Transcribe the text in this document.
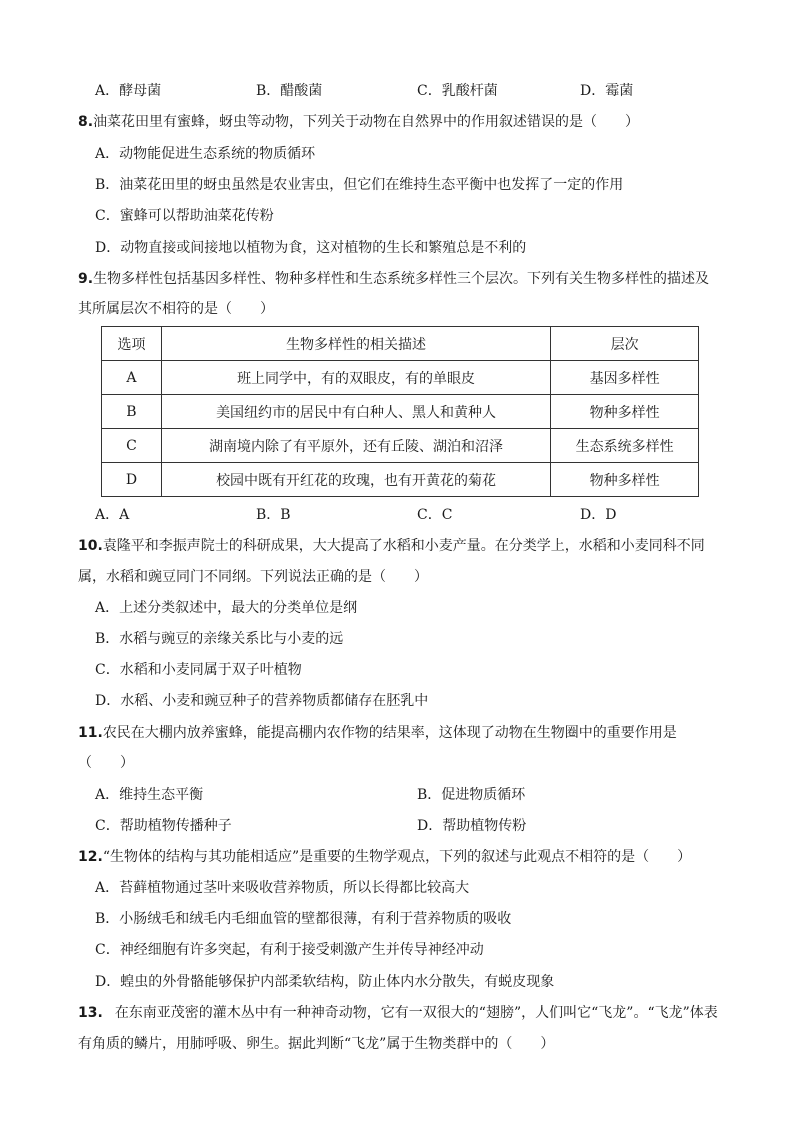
A．酵母菌	B．醋酸菌	C．乳酸杆菌	D．霉菌
8.油菜花田里有蜜蜂，蚜虫等动物，下列关于动物在自然界中的作用叙述错误的是（　　）
A．动物能促进生态系统的物质循环
B．油菜花田里的蚜虫虽然是农业害虫，但它们在维持生态平衡中也发挥了一定的作用
C．蜜蜂可以帮助油菜花传粉
D．动物直接或间接地以植物为食，这对植物的生长和繁殖总是不利的
9.生物多样性包括基因多样性、物种多样性和生态系统多样性三个层次。下列有关生物多样性的描述及
其所属层次不相符的是（　　）
选项	生物多样性的相关描述	层次
A	班上同学中，有的双眼皮，有的单眼皮	基因多样性
B	美国纽约市的居民中有白种人、黑人和黄种人	物种多样性
C	湖南境内除了有平原外，还有丘陵、湖泊和沼泽	生态系统多样性
D	校园中既有开红花的玫瑰，也有开黄花的菊花	物种多样性
A．A	B．B	C．C	D．D
10.袁隆平和李振声院士的科研成果，大大提高了水稻和小麦产量。在分类学上，水稻和小麦同科不同
属，水稻和豌豆同门不同纲。下列说法正确的是（　　）
A．上述分类叙述中，最大的分类单位是纲
B．水稻与豌豆的亲缘关系比与小麦的远
C．水稻和小麦同属于双子叶植物
D．水稻、小麦和豌豆种子的营养物质都储存在胚乳中
11.农民在大棚内放养蜜蜂，能提高棚内农作物的结果率，这体现了动物在生物圈中的重要作用是
（　　）
A．维持生态平衡	B．促进物质循环
C．帮助植物传播种子	D．帮助植物传粉
12.“生物体的结构与其功能相适应”是重要的生物学观点，下列的叙述与此观点不相符的是（　　）
A．苔藓植物通过茎叶来吸收营养物质，所以长得都比较高大
B．小肠绒毛和绒毛内毛细血管的壁都很薄，有利于营养物质的吸收
C．神经细胞有许多突起，有利于接受刺激产生并传导神经冲动
D．蝗虫的外骨骼能够保护内部柔软结构，防止体内水分散失，有蜕皮现象
13. 在东南亚茂密的灌木丛中有一种神奇动物，它有一双很大的“翅膀”，人们叫它“飞龙”。“飞龙”体表
有角质的鳞片，用肺呼吸、卵生。据此判断“飞龙”属于生物类群中的（　　）
